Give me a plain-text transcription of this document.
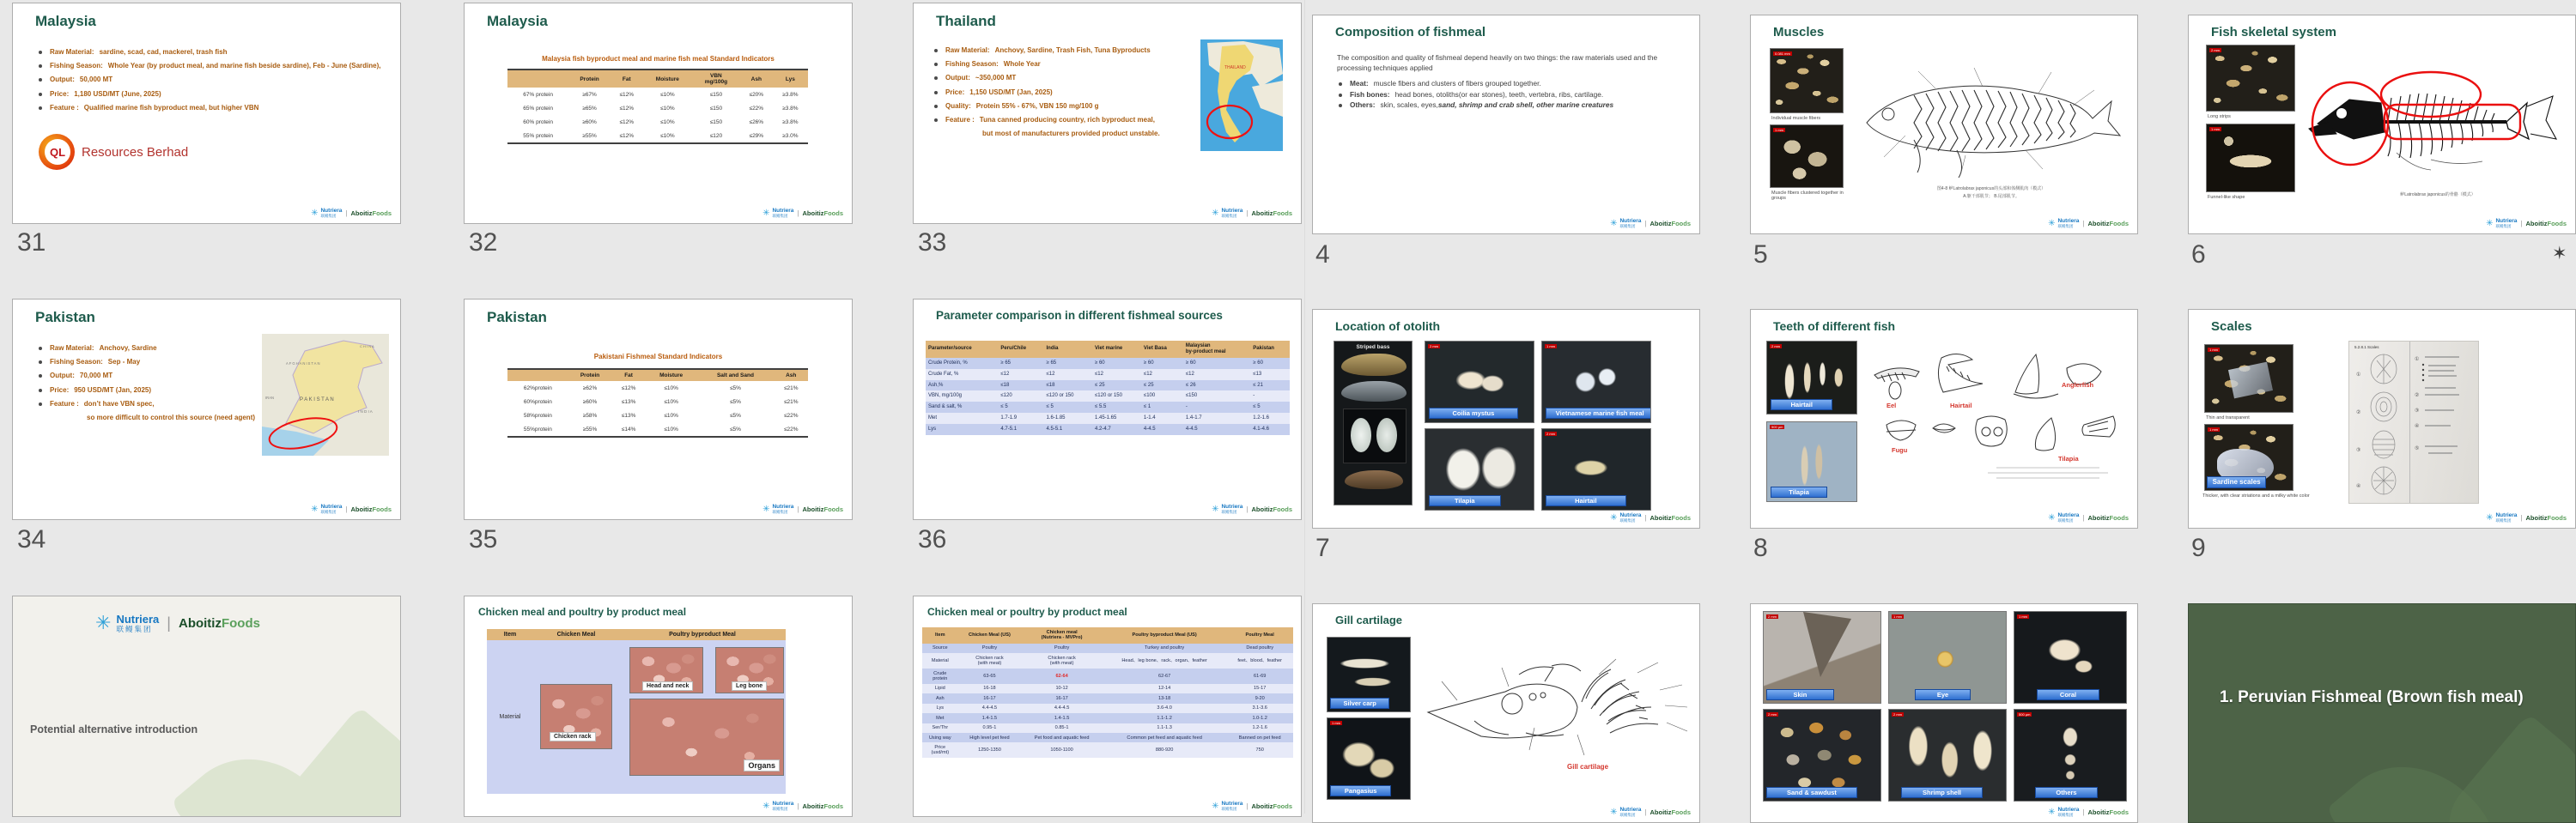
Malaysia
Raw Material: sardine, scad, cad, mackerel, trash fish
Fishing Season: Whole Year (by product meal, and marine fish beside sardine), Feb - June (Sardine),
Output: 50,000 MT
Price: 1,180 USD/MT (June, 2025)
Feature : Qualified marine fish byproduct meal, but higher VBN
QL	Resources Berhad
✳ Nutriera
联鳗集团	| AboitizFoods
31
Malaysia
Malaysia fish byproduct meal and marine fish meal Standard Indicators
	Protein	Fat	Moisture	VBN
mg/100g	Ash	Lys
67% protein	≥67%	≤12%	≤10%	≤150	≤20%	≥3.8%
65% protein	≥65%	≤12%	≤10%	≤150	≤22%	≥3.8%
60% protein	≥60%	≤12%	≤10%	≤150	≤26%	≥3.8%
55% protein	≥55%	≤12%	≤10%	≤120	≤29%	≥3.0%
✳ Nutriera
联鳗集团	| AboitizFoods
32
Thailand
Raw Material: Anchovy, Sardine, Trash Fish, Tuna Byproducts
Fishing Season: Whole Year
Output: ~350,000 MT
Price: 1,150 USD/MT (Jan, 2025)
Quality: Protein 55% - 67%, VBN 150 mg/100 g
Feature : Tuna canned producing country, rich byproduct meal,
but most of manufacturers provided product unstable.
THAILAND
✳ Nutriera
联鳗集团	| AboitizFoods
33
Composition of fishmeal
The composition and quality of fishmeal depend heavily on two things: the raw materials used and the processing techniques applied
Meat: muscle fibers and clusters of fibers grouped together.
Fish bones: head bones, otoliths(or ear stones), teeth, vertebra, ribs, cartilage.
Others: skin, scales, eyes, sand, shrimp and crab shell, other marine creatures
✳ Nutriera
联鳗集团	| AboitizFoods
4
Muscles
0.081 mm
Individual muscle fibers
1 mm
Muscle fibers clustered together in groups
图4-8 鲈Latrolabrax japonicus的头部和体侧肌肉（模式）
A.躯干部肌节； B.尾部肌节。
✳ Nutriera
联鳗集团	| AboitizFoods
5
Fish skeletal system
2 mm
Long strips
1 mm
Funnel-like shape	鲈Latrolabrax japonicus的骨骼（模式）
✳ Nutriera
联鳗集团	| AboitizFoods
6	✶
Pakistan
Raw Material: Anchovy, Sardine
Fishing Season: Sep - May
Output: 70,000 MT
Price: 950 USD/MT (Jan, 2025)
Feature : don’t have VBN spec,
so more difficult to control this source (need agent)
AFGHANISTAN
P A K I S T A N
I N D I A
IRAN
C H I N A
✳ Nutriera
联鳗集团	| AboitizFoods
34
Pakistan
Pakistani Fishmeal Standard Indicators
	Protein	Fat	Moisture	Salt and Sand	Ash
62%protein	≥62%	≤12%	≤10%	≤5%	≤21%
60%protein	≥60%	≤13%	≤10%	≤5%	≤21%
58%protein	≥58%	≤13%	≤10%	≤5%	≤22%
55%protein	≥55%	≤14%	≤10%	≤5%	≤22%
✳ Nutriera
联鳗集团	| AboitizFoods
35
Parameter comparison in different fishmeal sources
Parameter/source	Peru/Chile	India	Viet marine	Viet Basa	Malaysian
by-product meal	Pakistan
Crude Protein, %	≥ 65	≥ 65	≥ 60	≥ 60	≥ 60	≥ 60
Crude Fat, %	≤12	≤12	≤12	≤12	≤12	≤13
Ash,%	≤18	≤18	≤ 25	≤ 25	≤ 26	≤ 21
VBN, mg/100g	≤120	≤120 or 150	≤120 or 150	≤100	≤150	-
Sand & salt, %	≤ 5	≤ 5	≤ 5.5	≤ 1	-	≤ 5
Met	1.7-1.9	1.6-1.85	1.45-1.65	1-1.4	1.4-1.7	1.2-1.6
Lys	4.7-5.1	4.5-5.1	4.2-4.7	4-4.5	4-4.5	4.1-4.6
✳ Nutriera
联鳗集团	| AboitizFoods
36
Location of otolith
Striped bass	2 mm
Coilia mystus
1 mm
Vietnamese marine fish meal
Tilapia
2 mm
Hairtail
✳ Nutriera
联鳗集团	| AboitizFoods
7
Teeth of different fish
2 mm
Hairtail
500 µm
Tilapia
Eel	Hairtail
Anglerfish
Fugu
Tilapia
✳ Nutriera
联鳗集团	| AboitizFoods
8
Scales
1 mm
Thin and transparent
1 mm
Sardine scales
Thicker, with clear striations and a milky white color
5.2.8.1 Scales
①
②
③
④
①
②
③
④
⑤
✳ Nutriera
联鳗集团	| AboitizFoods
9
✳ Nutriera
联鳗集团 | AboitizFoods
Potential alternative introduction
Chicken meal and poultry by product meal
Item	Chicken Meal	Poultry byproduct Meal
Material	Chicken rack	Head and neck Leg bone
Organs
✳ Nutriera
联鳗集团	| AboitizFoods
Chicken meal or poultry by product meal
Item	Chicken Meal (US)	Chicken meal
(Nutriera - MVPro)	Poultry byproduct Meal (US)	Poultry Meal
Source	Poultry	Poultry	Turkey and poultry	Dead poultry
Material	Chicken rack
(with meat)	Chicken rack
(with meat)	Head、leg bone、rack、organ、feather	feet、blood、feather
Crude
protein	63-65	62-64	62-67	61-69
Lipid	16-18	10-12	12-14	15-17
Ash	16-17	16-17	13-18	9-20
Lys	4.4-4.5	4.4-4.5	3.6-4.0	3.1-3.6
Met	1.4-1.5	1.4-1.5	1.1-1.2	1.0-1.2
Ser/Thr	0.95-1	0.85-1	1.1-1.3	1.2-1.6
Using way	High level pet feed	Pet food and aquatic feed	Common pet feed and aquatic feed	Banned on pet feed
Price
(usd/mt)	1250-1350	1050-1100	880-920	750
✳ Nutriera
联鳗集团	| AboitizFoods
Gill cartilage
Silver carp
1 mm
Pangasius
Gill cartilage
✳ Nutriera
联鳗集团	| AboitizFoods
2 mm
Skin
1 mm
Eye
1 mm
Coral
2 mm
Sand & sawdust
2 mm
Shrimp shell
500 µm
Others
✳ Nutriera
联鳗集团	| AboitizFoods
1. Peruvian Fishmeal (Brown fish meal)
